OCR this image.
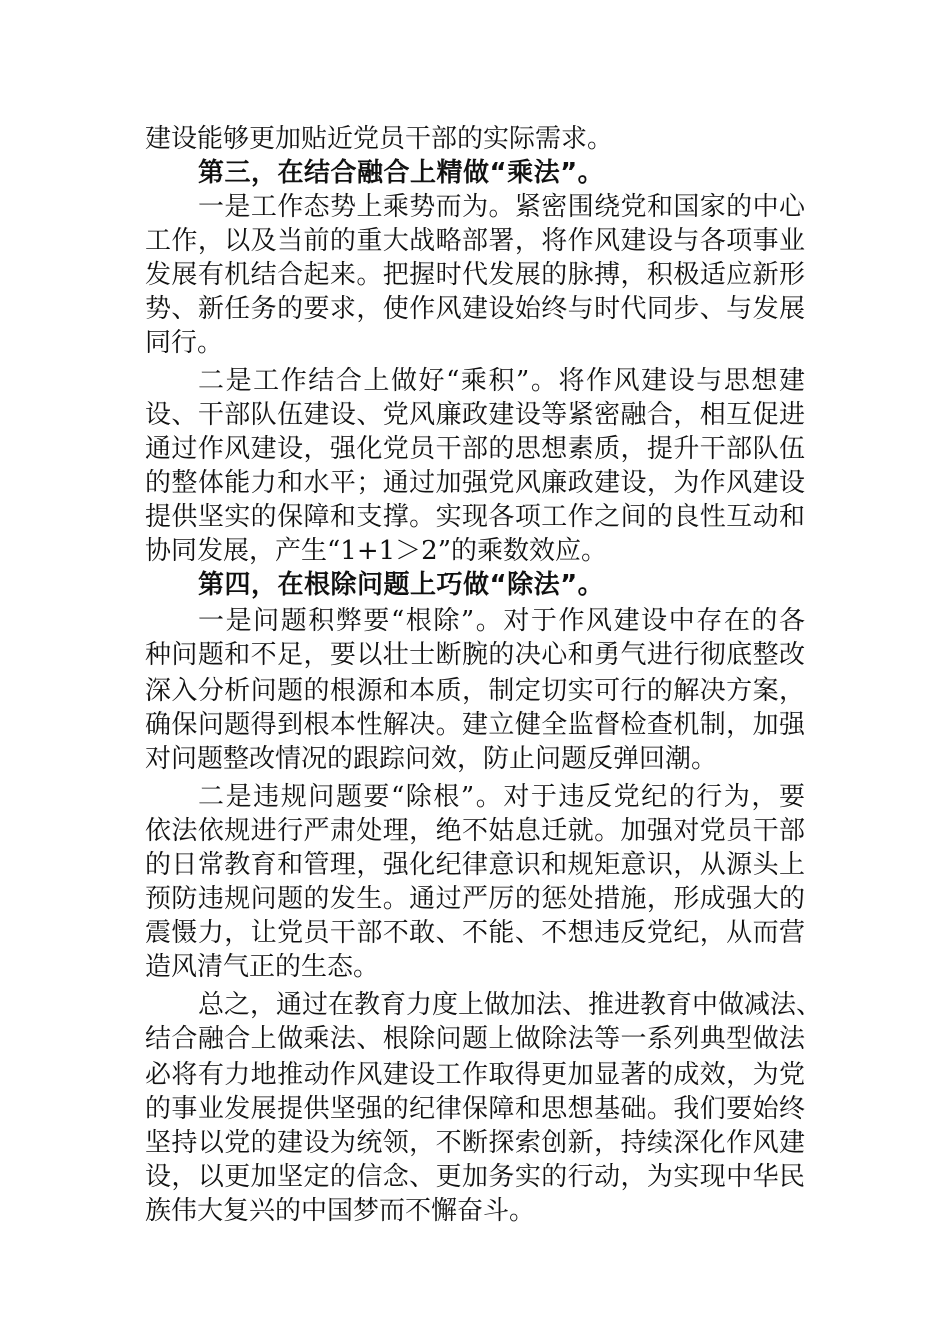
建设能够更加贴近党员干部的实际需求。
第三，在结合融合上精做“乘法”。
一是工作态势上乘势而为。紧密围绕党和国家的中心
工作，以及当前的重大战略部署，将作风建设与各项事业
发展有机结合起来。把握时代发展的脉搏，积极适应新形
势、新任务的要求，使作风建设始终与时代同步、与发展
同行。
二是工作结合上做好“乘积”。将作风建设与思想建
设、干部队伍建设、党风廉政建设等紧密融合，相互促进
通过作风建设，强化党员干部的思想素质，提升干部队伍
的整体能力和水平；通过加强党风廉政建设，为作风建设
提供坚实的保障和支撑。实现各项工作之间的良性互动和
协同发展，产生“1+1＞2”的乘数效应。
第四，在根除问题上巧做“除法”。
一是问题积弊要“根除”。对于作风建设中存在的各
种问题和不足，要以壮士断腕的决心和勇气进行彻底整改
深入分析问题的根源和本质，制定切实可行的解决方案，
确保问题得到根本性解决。建立健全监督检查机制，加强
对问题整改情况的跟踪问效，防止问题反弹回潮。
二是违规问题要“除根”。对于违反党纪的行为，要
依法依规进行严肃处理，绝不姑息迁就。加强对党员干部
的日常教育和管理，强化纪律意识和规矩意识，从源头上
预防违规问题的发生。通过严厉的惩处措施，形成强大的
震慑力，让党员干部不敢、不能、不想违反党纪，从而营
造风清气正的生态。
总之，通过在教育力度上做加法、推进教育中做减法、
结合融合上做乘法、根除问题上做除法等一系列典型做法
必将有力地推动作风建设工作取得更加显著的成效，为党
的事业发展提供坚强的纪律保障和思想基础。我们要始终
坚持以党的建设为统领，不断探索创新，持续深化作风建
设，以更加坚定的信念、更加务实的行动，为实现中华民
族伟大复兴的中国梦而不懈奋斗。
